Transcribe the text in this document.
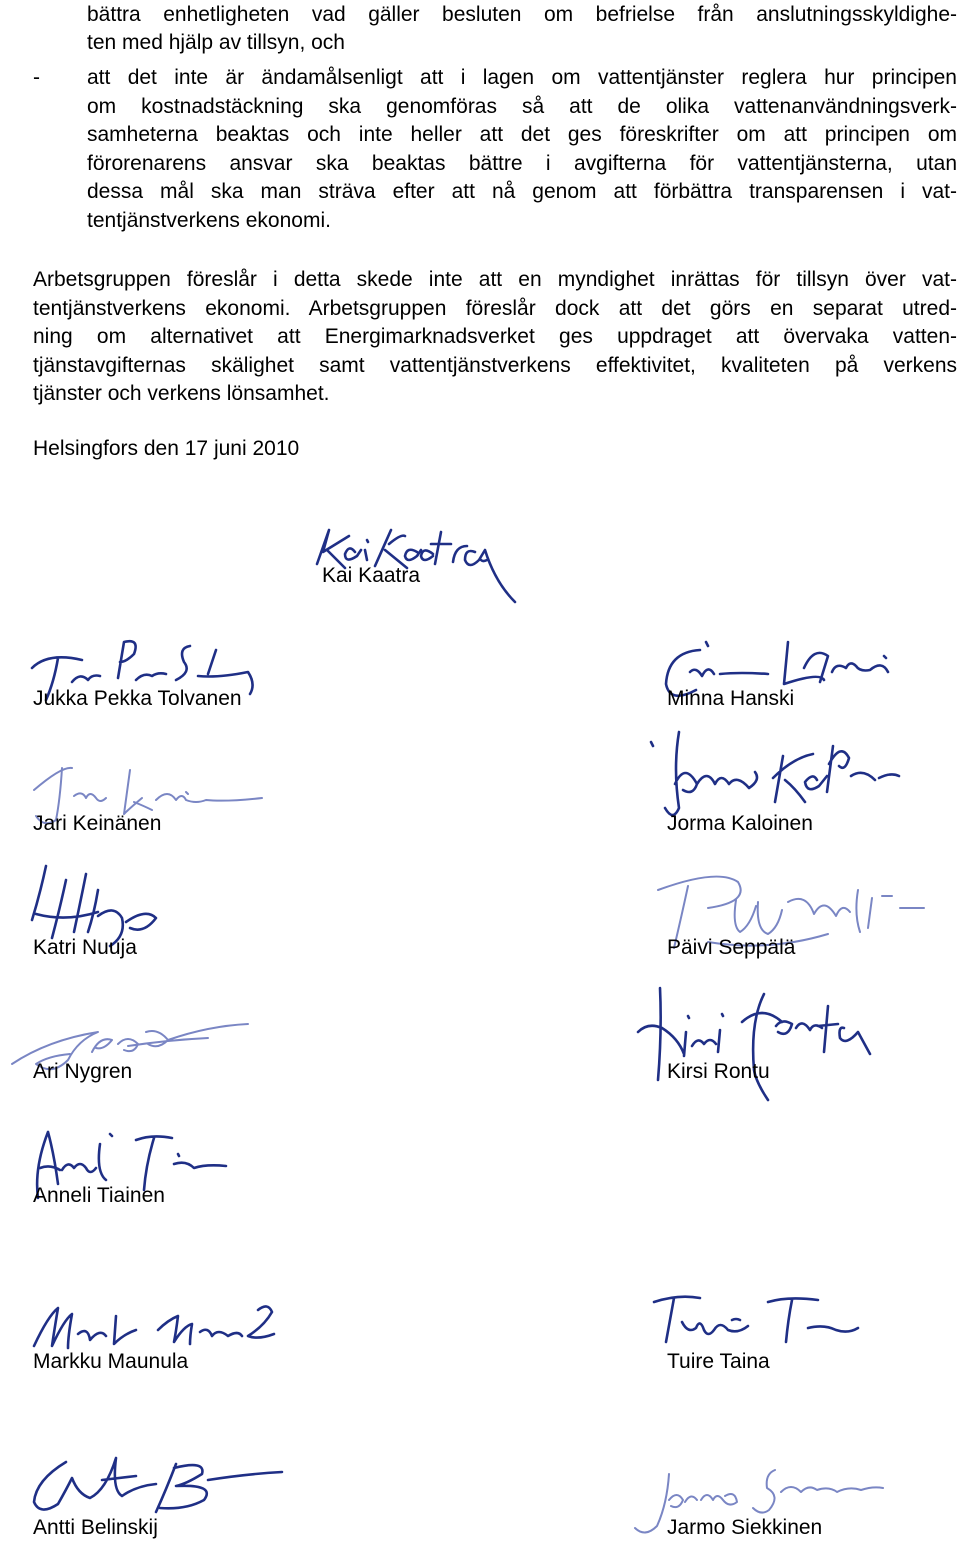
bättra enhetligheten vad gäller besluten om befrielse från anslutningsskyldighe-
ten med hjälp av tillsyn, och
- att det inte är ändamålsenligt att i lagen om vattentjänster reglera hur principen
om kostnadstäckning ska genomföras så att de olika vattenanvändningsverk-
samheterna beaktas och inte heller att det ges föreskrifter om att principen om
förorenarens ansvar ska beaktas bättre i avgifterna för vattentjänsterna, utan
dessa mål ska man sträva efter att nå genom att förbättra transparensen i vat-
tentjänstverkens ekonomi.
Arbetsgruppen föreslår i detta skede inte att en myndighet inrättas för tillsyn över vat-
tentjänstverkens ekonomi. Arbetsgruppen föreslår dock att det görs en separat utred-
ning om alternativet att Energimarknadsverket ges uppdraget att övervaka vatten-
tjänstavgifternas skälighet samt vattentjänstverkens effektivitet, kvaliteten på verkens
tjänster och verkens lönsamhet.
Helsingfors den 17 juni 2010
Kai Kaatra
Jukka Pekka Tolvanen	Minna Hanski
Jari Keinänen	Jorma Kaloinen
Katri Nuuja	Päivi Seppälä
Ari Nygren	Kirsi Rontu
Anneli Tiainen
Markku Maunula	Tuire Taina
Antti Belinskij	Jarmo Siekkinen
